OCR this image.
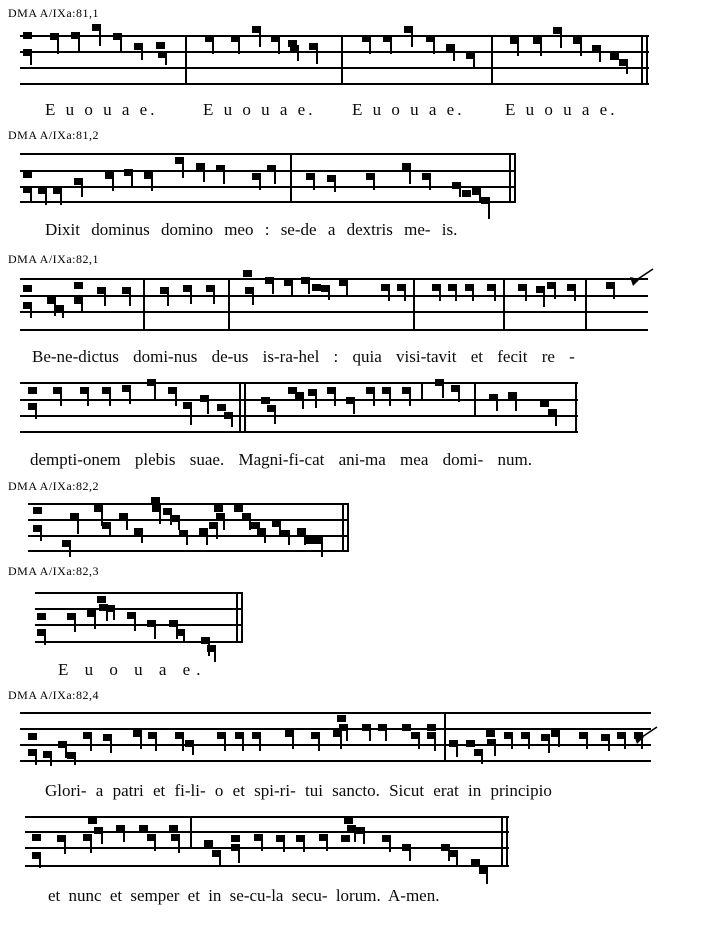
DMA A/IXa:81,1
DMA A/IXa:81,2
DMA A/IXa:82,1
DMA A/IXa:82,2
DMA A/IXa:82,3
DMA A/IXa:82,4
E u o u a e.	E u o u a e. E u o u a e. E u o u a e.
Dixit dominus domino meo : se-de a dextris me- is.
Be-ne-dictus domi-nus de-us is-ra-hel : quia visi-tavit et fecit re -
dempti-onem plebis suae. Magni-fi-cat ani-ma mea domi- num.
E u o u a e.
Glori- a patri et fi-li- o et spi-ri- tui sancto. Sicut erat in principio
et nunc et semper et in se-cu-la secu- lorum. A-men.
